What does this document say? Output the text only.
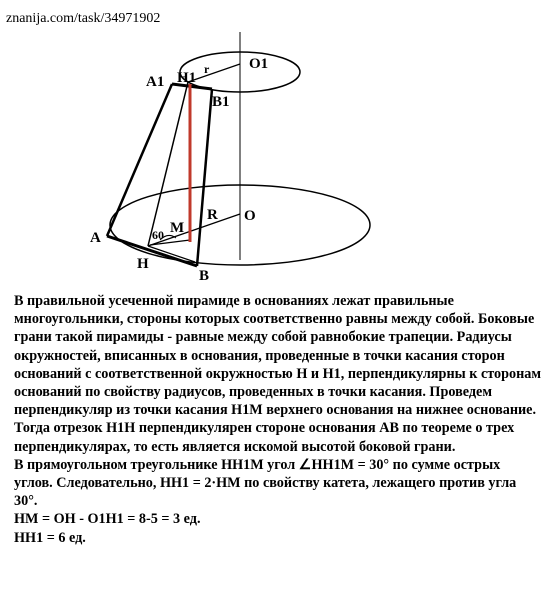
znanija.com/task/34971902
O1
H1
r
A1
B1
R O
M
60
A
H
B

В правильной усеченной пирамиде в основаниях лежат правильные многоугольники, стороны которых соответственно равны между собой. Боковые грани такой пирамиды - равные между собой равнобокие трапеции. Радиусы окружностей, вписанных в основания, проведенные в точки касания сторон оснований с соответственной окружностью Н и Н1, перпендикулярны к сторонам оснований по свойству радиусов, проведенных в точки касания. Проведем перпендикуляр из точки касания Н1М верхнего основания на нижнее основание. Тогда отрезок Н1Н перпендикулярен стороне основания АВ по теореме о трех перпендикулярах, то есть является искомой высотой боковой грани.

В прямоугольном треугольнике НН1М угол ∠НН1М = 30° по сумме острых углов. Следовательно, НН1 = 2·НМ по свойству катета, лежащего против угла 30°.

НМ = ОН - О1Н1 = 8-5 = 3 ед.

НН1 = 6 ед.
